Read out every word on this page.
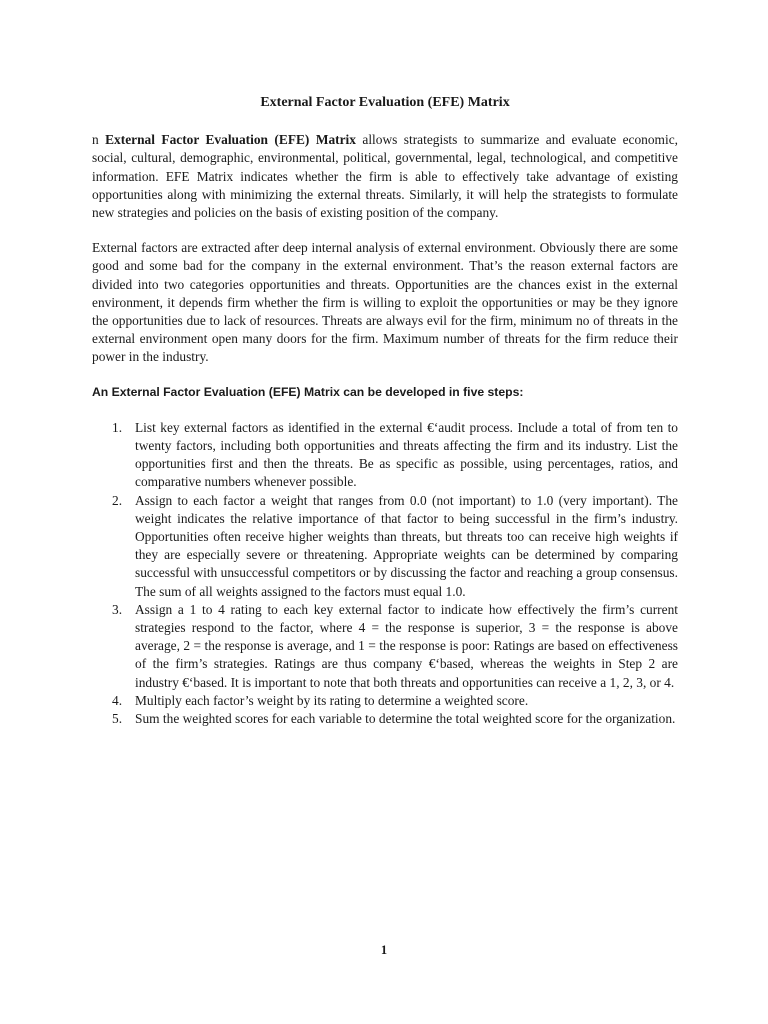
External Factor Evaluation (EFE) Matrix

n External Factor Evaluation (EFE) Matrix allows strategists to summarize and evaluate economic, social, cultural, demographic, environmental, political, governmental, legal, technological, and competitive information. EFE Matrix indicates whether the firm is able to effectively take advantage of existing opportunities along with minimizing the external threats. Similarly, it will help the strategists to formulate new strategies and policies on the basis of existing position of the company.

External factors are extracted after deep internal analysis of external environment. Obviously there are some good and some bad for the company in the external environment. That’s the reason external factors are divided into two categories opportunities and threats. Opportunities are the chances exist in the external environment, it depends firm whether the firm is willing to exploit the opportunities or may be they ignore the opportunities due to lack of resources. Threats are always evil for the firm, minimum no of threats in the external environment open many doors for the firm. Maximum number of threats for the firm reduce their power in the industry.

An External Factor Evaluation (EFE) Matrix can be developed in five steps:
1. List key external factors as identified in the external €‘audit process. Include a total of from ten to twenty factors, including both opportunities and threats affecting the firm and its industry. List the opportunities first and then the threats. Be as specific as possible, using percentages, ratios, and comparative numbers whenever possible.
2. Assign to each factor a weight that ranges from 0.0 (not important) to 1.0 (very important). The weight indicates the relative importance of that factor to being successful in the firm’s industry. Opportunities often receive higher weights than threats, but threats too can receive high weights if they are especially severe or threatening. Appropriate weights can be determined by comparing successful with unsuccessful competitors or by discussing the factor and reaching a group consensus. The sum of all weights assigned to the factors must equal 1.0.
3. Assign a 1 to 4 rating to each key external factor to indicate how effectively the firm’s current strategies respond to the factor, where 4 = the response is superior, 3 = the response is above average, 2 = the response is average, and 1 = the response is poor: Ratings are based on effectiveness of the firm’s strategies. Ratings are thus company €‘based, whereas the weights in Step 2 are industry €‘based. It is important to note that both threats and opportunities can receive a 1, 2, 3, or 4.
4. Multiply each factor’s weight by its rating to determine a weighted score.
5. Sum the weighted scores for each variable to determine the total weighted score for the organization.
1
